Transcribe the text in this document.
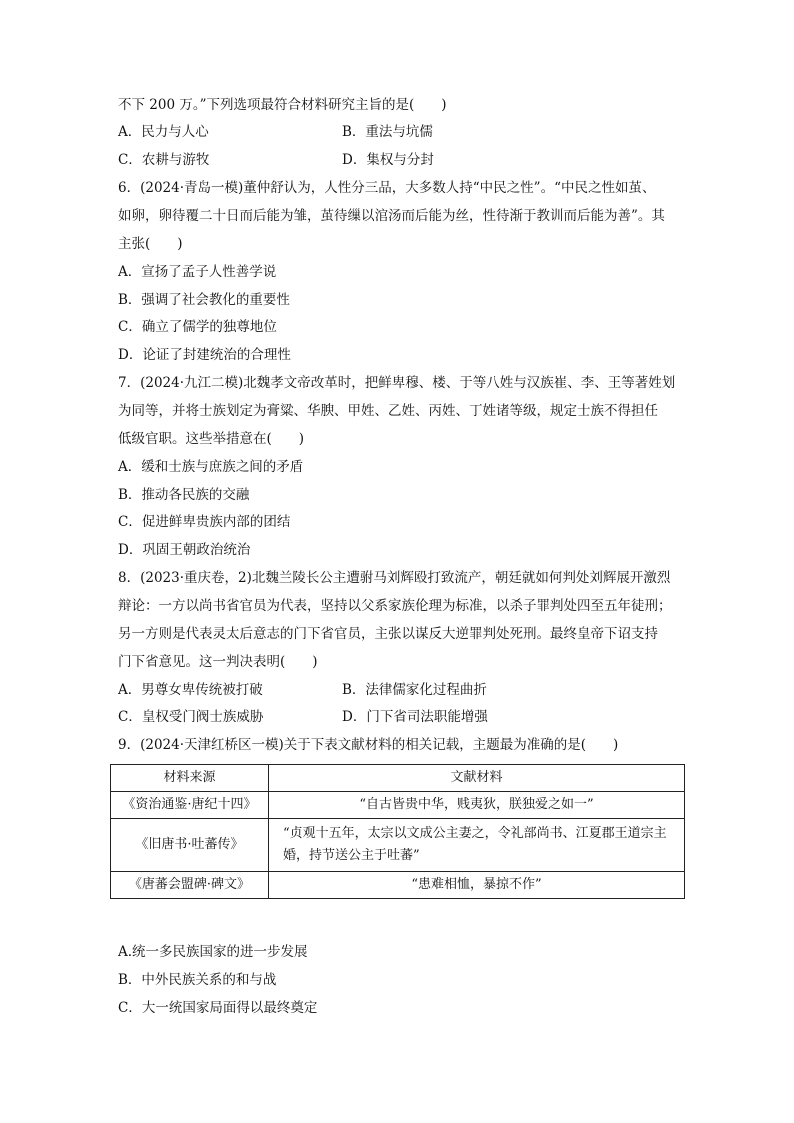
不下 200 万。”下列选项最符合材料研究主旨的是(　　)
A．民力与人心	B．重法与坑儒
C．农耕与游牧	D．集权与分封
6．(2024·青岛一模)董仲舒认为，人性分三品，大多数人持“中民之性”。“中民之性如茧、
如卵，卵待覆二十日而后能为雏，茧待缫以涫汤而后能为丝，性待渐于教训而后能为善”。其
主张(　　)
A．宣扬了孟子人性善学说
B．强调了社会教化的重要性
C．确立了儒学的独尊地位
D．论证了封建统治的合理性
7．(2024·九江二模)北魏孝文帝改革时，把鲜卑穆、楼、于等八姓与汉族崔、李、王等著姓划
为同等，并将士族划定为膏粱、华腴、甲姓、乙姓、丙姓、丁姓诸等级，规定士族不得担任
低级官职。这些举措意在(　　)
A．缓和士族与庶族之间的矛盾
B．推动各民族的交融
C．促进鲜卑贵族内部的团结
D．巩固王朝政治统治
8．(2023·重庆卷，2)北魏兰陵长公主遭驸马刘辉殴打致流产，朝廷就如何判处刘辉展开激烈
辩论：一方以尚书省官员为代表，坚持以父系家族伦理为标准，以杀子罪判处四至五年徒刑；
另一方则是代表灵太后意志的门下省官员，主张以谋反大逆罪判处死刑。最终皇帝下诏支持
门下省意见。这一判决表明(　　)
A．男尊女卑传统被打破	B．法律儒家化过程曲折
C．皇权受门阀士族威胁	D．门下省司法职能增强
9．(2024·天津红桥区一模)关于下表文献材料的相关记载，主题最为准确的是(　　)
材料来源	文献材料
《资治通鉴·唐纪十四》	“自古皆贵中华，贱夷狄，朕独爱之如一”
《旧唐书·吐蕃传》	“贞观十五年，太宗以文成公主妻之，令礼部尚书、江夏郡王道宗主婚，持节送公主于吐蕃”
《唐蕃会盟碑·碑文》	“患难相恤，暴掠不作”
A.统一多民族国家的进一步发展
B．中外民族关系的和与战
C．大一统国家局面得以最终奠定
